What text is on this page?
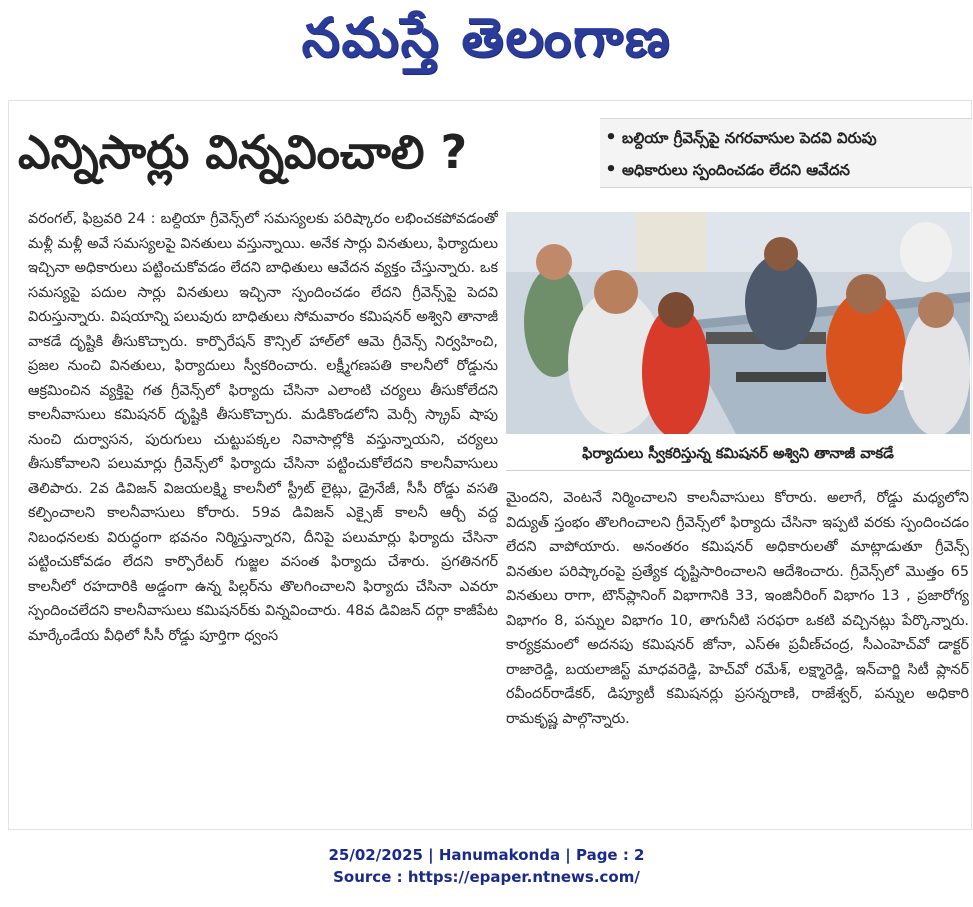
నమస్తే తెలంగాణ
ఎన్నిసార్లు విన్నవించాలి ?	• బల్దియా గ్రీవెన్స్‌పై నగరవాసుల పెదవి విరుపు
• అధికారులు స్పందించడం లేదని ఆవేదన
వరంగల్, ఫిబ్రవరి 24 : బల్దియా గ్రీవెన్స్‌లో సమస్యలకు పరిష్కారం లభించకపోవడంతో మళ్లీ మళ్లీ అవే సమస్యలపై వినతులు వస్తున్నాయి. అనేక సార్లు వినతులు, ఫిర్యాదులు ఇచ్చినా అధికారులు పట్టించుకోవడం లేదని బాధితులు ఆవేదన వ్యక్తం చేస్తున్నారు. ఒక సమస్యపై పదుల సార్లు వినతులు ఇచ్చినా స్పందించడం లేదని గ్రీవెన్స్‌పై పెదవి విరుస్తున్నారు. విషయాన్ని పలువురు బాధితులు సోమవారం కమిషనర్ అశ్విని తానాజీ వాకడే దృష్టికి తీసుకొచ్చారు. కార్పొరేషన్ కౌన్సిల్ హాల్‌లో ఆమె గ్రీవెన్స్ నిర్వహించి, ప్రజల నుంచి వినతులు, ఫిర్యాదులు స్వీకరించారు. లక్ష్మీగణపతి కాలనీలో రోడ్డును ఆక్రమించిన వ్యక్తిపై గత గ్రీవెన్స్‌లో ఫిర్యాదు చేసినా ఎలాంటి చర్యలు తీసుకోలేదని కాలనీవాసులు కమిషనర్ దృష్టికి తీసుకొచ్చారు. మడికొండలోని మెర్సీ స్క్రాప్ షాపు నుంచి దుర్వాసన, పురుగులు చుట్టుపక్కల నివాసాల్లోకి వస్తున్నాయని, చర్యలు తీసుకోవాలని పలుమార్లు గ్రీవెన్స్‌లో ఫిర్యాదు చేసినా పట్టించుకోలేదని కాలనీవాసులు తెలిపారు. 2వ డివిజన్ విజయలక్ష్మి కాలనీలో స్ట్రీట్ లైట్లు, డ్రైనేజీ, సీసీ రోడ్డు వసతి కల్పించాలని కాలనీవాసులు కోరారు. 59వ డివిజన్ ఎక్సైజ్ కాలనీ ఆర్చీ వద్ద నిబంధనలకు విరుద్ధంగా భవనం నిర్మిస్తున్నారని, దీనిపై పలుమార్లు ఫిర్యాదు చేసినా పట్టించుకోవడం లేదని కార్పొరేటర్ గుజ్జల వసంత ఫిర్యాదు చేశారు. ప్రగతినగర్ కాలనీలో రహదారికి అడ్డంగా ఉన్న పిల్లర్‌ను తొలగించాలని ఫిర్యాదు చేసినా ఎవరూ స్పందించలేదని కాలనీవాసులు కమిషనర్‌కు విన్నవించారు. 48వ డివిజన్ దర్గా కాజీపేట మార్కేండేయ వీధిలో సీసీ రోడ్డు పూర్తిగా ధ్వంస
ఫిర్యాదులు స్వీకరిస్తున్న కమిషనర్ అశ్విని తానాజీ వాకడే
మైందని, వెంటనే నిర్మించాలని కాలనీవాసులు కోరారు. అలాగే, రోడ్డు మధ్యలోని విద్యుత్ స్తంభం తొలగించాలని గ్రీవెన్స్‌లో ఫిర్యాదు చేసినా ఇప్పటి వరకు స్పందించడం లేదని వాపోయారు. అనంతరం కమిషనర్ అధికారులతో మాట్లాడుతూ గ్రీవెన్స్ వినతుల పరిష్కారంపై ప్రత్యేక దృష్టిసారించాలని ఆదేశించారు. గ్రీవెన్స్‌లో మొత్తం 65 వినతులు రాగా, టౌన్‌ప్లానింగ్ విభాగానికి 33, ఇంజినీరింగ్ విభాగం 13 , ప్రజారోగ్య విభాగం 8, పన్నుల విభాగం 10, తాగునీటి సరఫరా ఒకటి వచ్చినట్లు పేర్కొన్నారు. కార్యక్రమంలో అదనపు కమిషనర్ జోనా, ఎస్‌ఈ ప్రవీణ్‌చంద్ర, సీఎంహెచ్‌వో డాక్టర్ రాజారెడ్డి, బయలాజిస్ట్ మాధవరెడ్డి, హెచ్‌వో రమేశ్, లక్ష్మారెడ్డి, ఇన్‌చార్జి సిటీ ప్లానర్ రవీందర్‌రాడేకర్, డిప్యూటీ కమిషనర్లు ప్రసన్నరాణి, రాజేశ్వర్, పన్నుల అధికారి రామకృష్ణ పాల్గొన్నారు.
25/02/2025 | Hanumakonda | Page : 2
Source : https://epaper.ntnews.com/
